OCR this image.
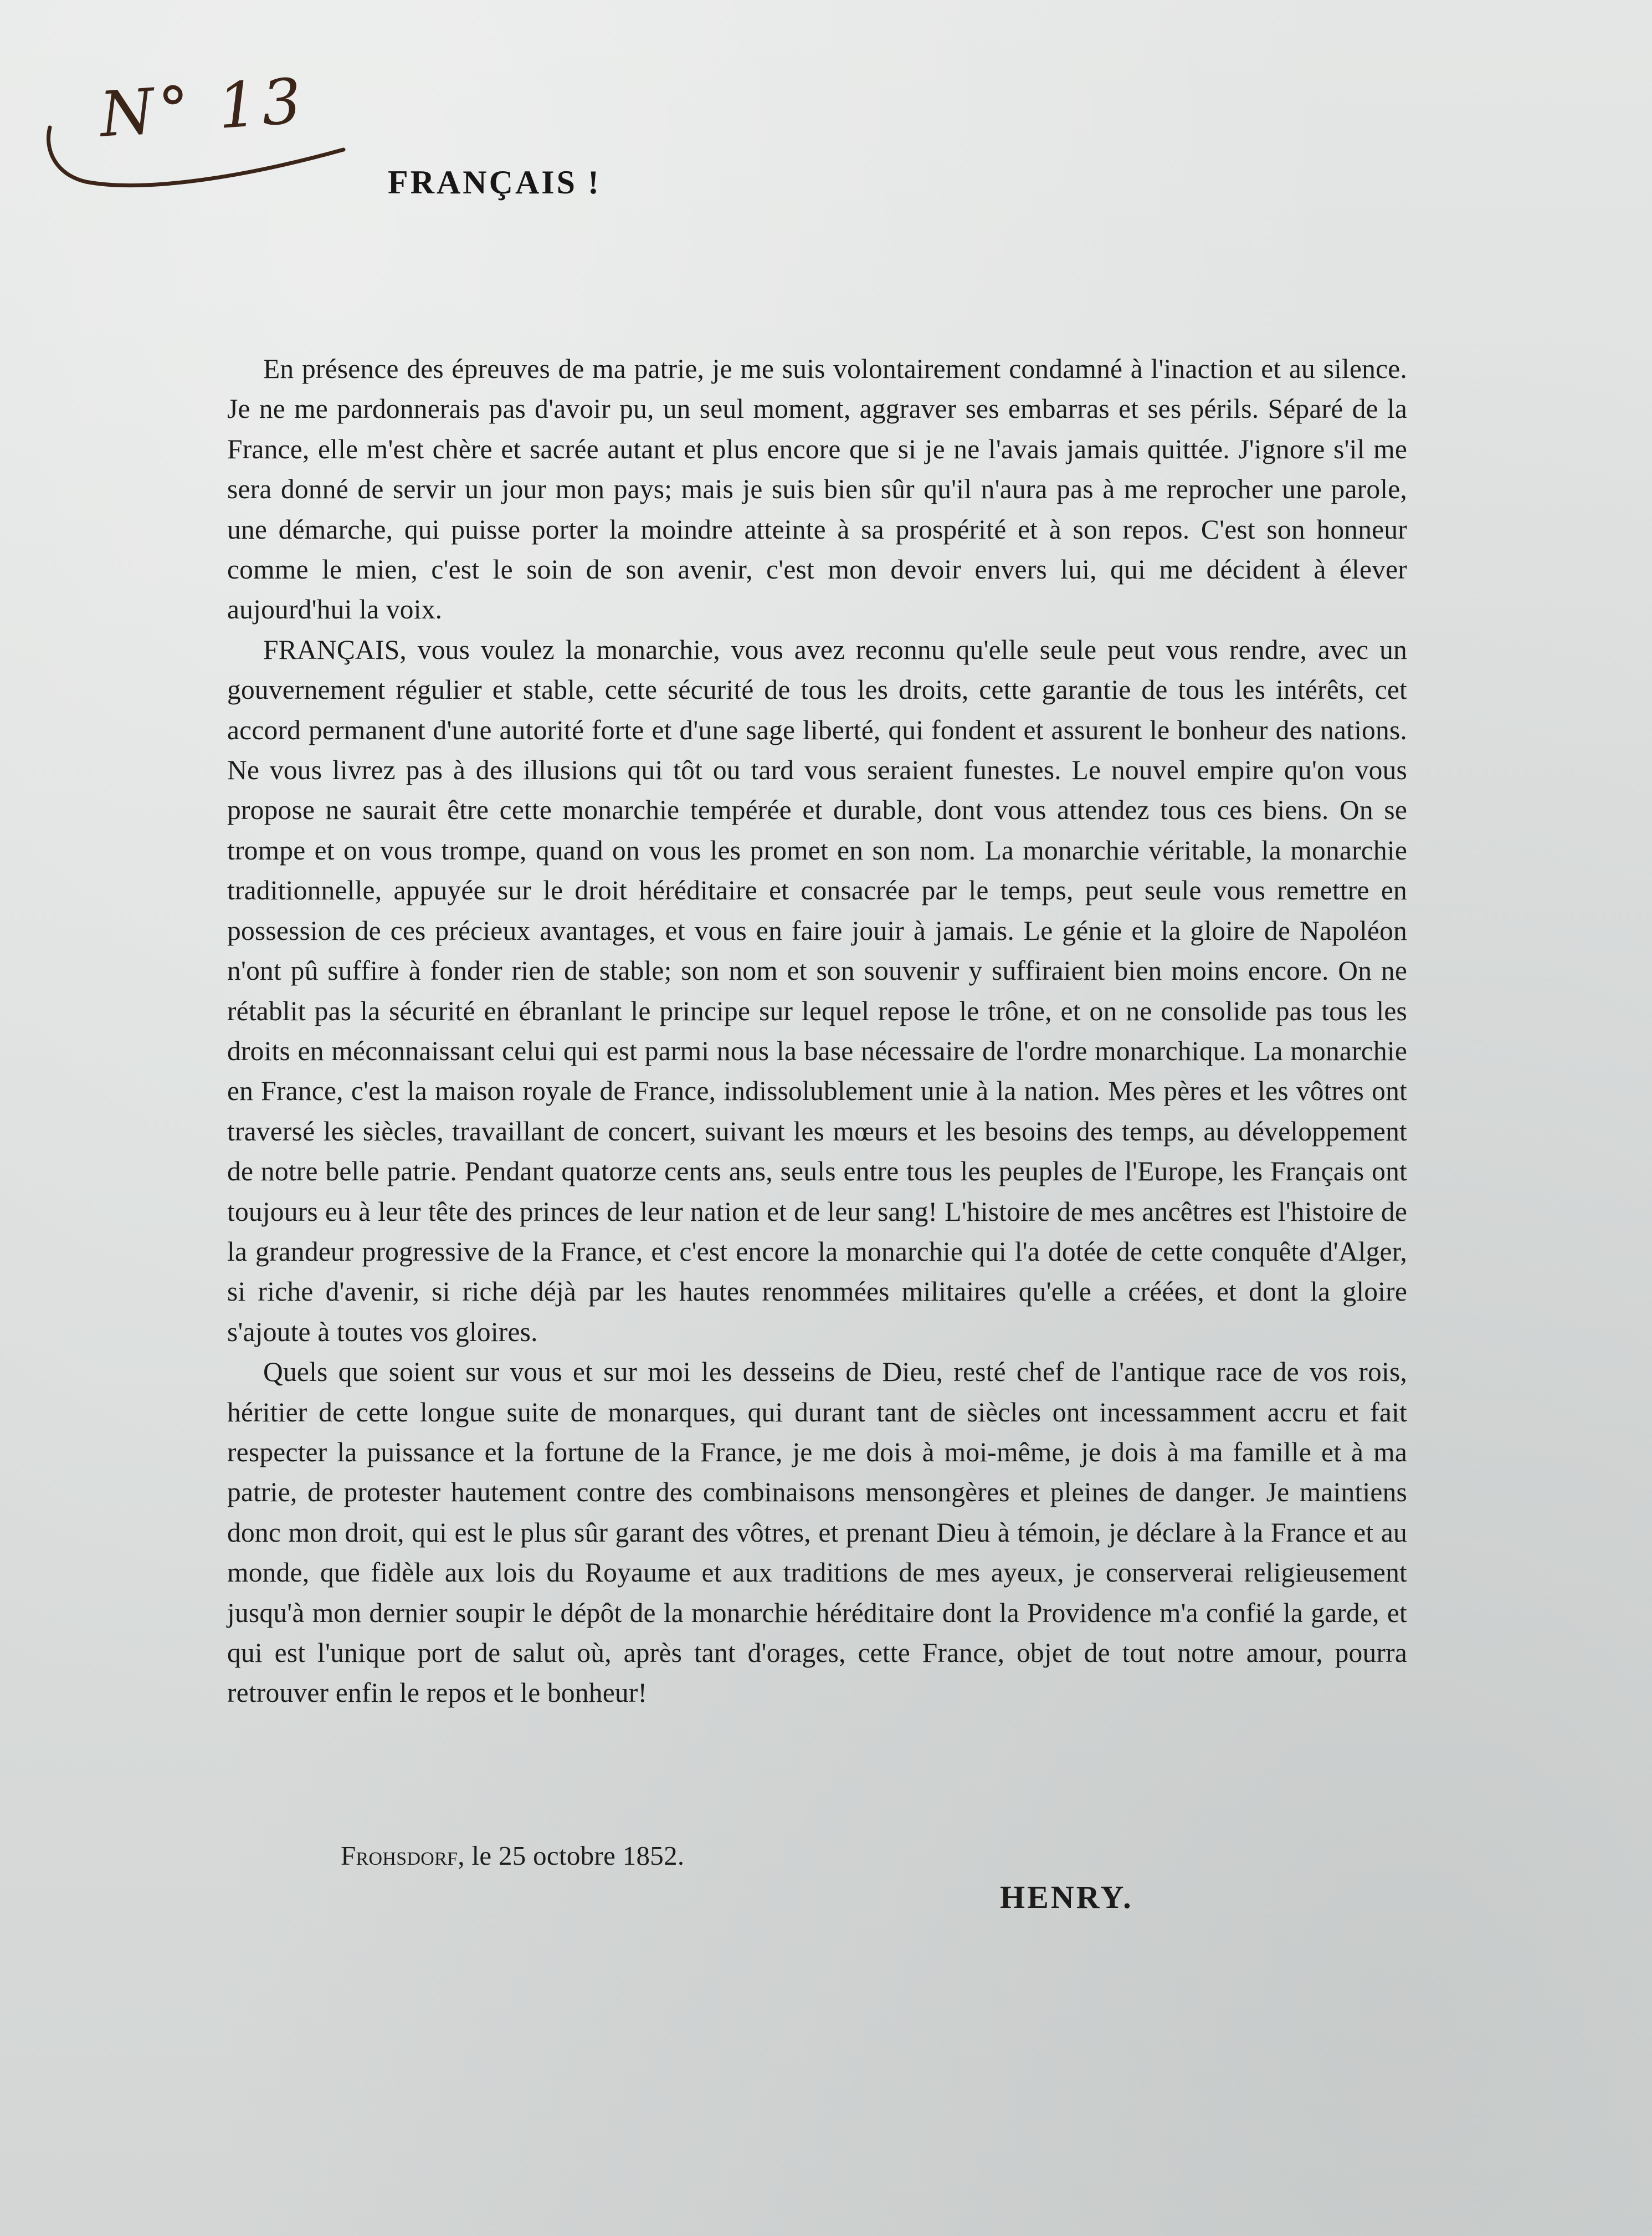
N° 13
FRANÇAIS !

En présence des épreuves de ma patrie, je me suis volontairement condamné à l'inaction et au silence. Je ne me pardonnerais pas d'avoir pu, un seul moment, aggraver ses embarras et ses périls. Séparé de la France, elle m'est chère et sacrée autant et plus encore que si je ne l'avais jamais quittée. J'ignore s'il me sera donné de servir un jour mon pays; mais je suis bien sûr qu'il n'aura pas à me reprocher une parole, une démarche, qui puisse porter la moindre atteinte à sa prospérité et à son repos. C'est son honneur comme le mien, c'est le soin de son avenir, c'est mon devoir envers lui, qui me décident à élever aujourd'hui la voix.

FRANÇAIS, vous voulez la monarchie, vous avez reconnu qu'elle seule peut vous rendre, avec un gouvernement régulier et stable, cette sécurité de tous les droits, cette garantie de tous les intérêts, cet accord permanent d'une autorité forte et d'une sage liberté, qui fondent et assurent le bonheur des nations. Ne vous livrez pas à des illusions qui tôt ou tard vous seraient funestes. Le nouvel empire qu'on vous propose ne saurait être cette monarchie tempérée et durable, dont vous attendez tous ces biens. On se trompe et on vous trompe, quand on vous les promet en son nom. La monarchie véritable, la monarchie traditionnelle, appuyée sur le droit héréditaire et consacrée par le temps, peut seule vous remettre en possession de ces précieux avantages, et vous en faire jouir à jamais. Le génie et la gloire de Napoléon n'ont pû suffire à fonder rien de stable; son nom et son souvenir y suffiraient bien moins encore. On ne rétablit pas la sécurité en ébranlant le principe sur lequel repose le trône, et on ne consolide pas tous les droits en méconnaissant celui qui est parmi nous la base nécessaire de l'ordre monarchique. La monarchie en France, c'est la maison royale de France, indissolublement unie à la nation. Mes pères et les vôtres ont traversé les siècles, travaillant de concert, suivant les mœurs et les besoins des temps, au développement de notre belle patrie. Pendant quatorze cents ans, seuls entre tous les peuples de l'Europe, les Français ont toujours eu à leur tête des princes de leur nation et de leur sang! L'histoire de mes ancêtres est l'histoire de la grandeur progressive de la France, et c'est encore la monarchie qui l'a dotée de cette conquête d'Alger, si riche d'avenir, si riche déjà par les hautes renommées militaires qu'elle a créées, et dont la gloire s'ajoute à toutes vos gloires.

Quels que soient sur vous et sur moi les desseins de Dieu, resté chef de l'antique race de vos rois, héritier de cette longue suite de monarques, qui durant tant de siècles ont incessamment accru et fait respecter la puissance et la fortune de la France, je me dois à moi-même, je dois à ma famille et à ma patrie, de protester hautement contre des combinaisons mensongères et pleines de danger. Je maintiens donc mon droit, qui est le plus sûr garant des vôtres, et prenant Dieu à témoin, je déclare à la France et au monde, que fidèle aux lois du Royaume et aux traditions de mes ayeux, je conserverai religieusement jusqu'à mon dernier soupir le dépôt de la monarchie héréditaire dont la Providence m'a confié la garde, et qui est l'unique port de salut où, après tant d'orages, cette France, objet de tout notre amour, pourra retrouver enfin le repos et le bonheur!

Frohsdorf, le 25 octobre 1852.
HENRY.
